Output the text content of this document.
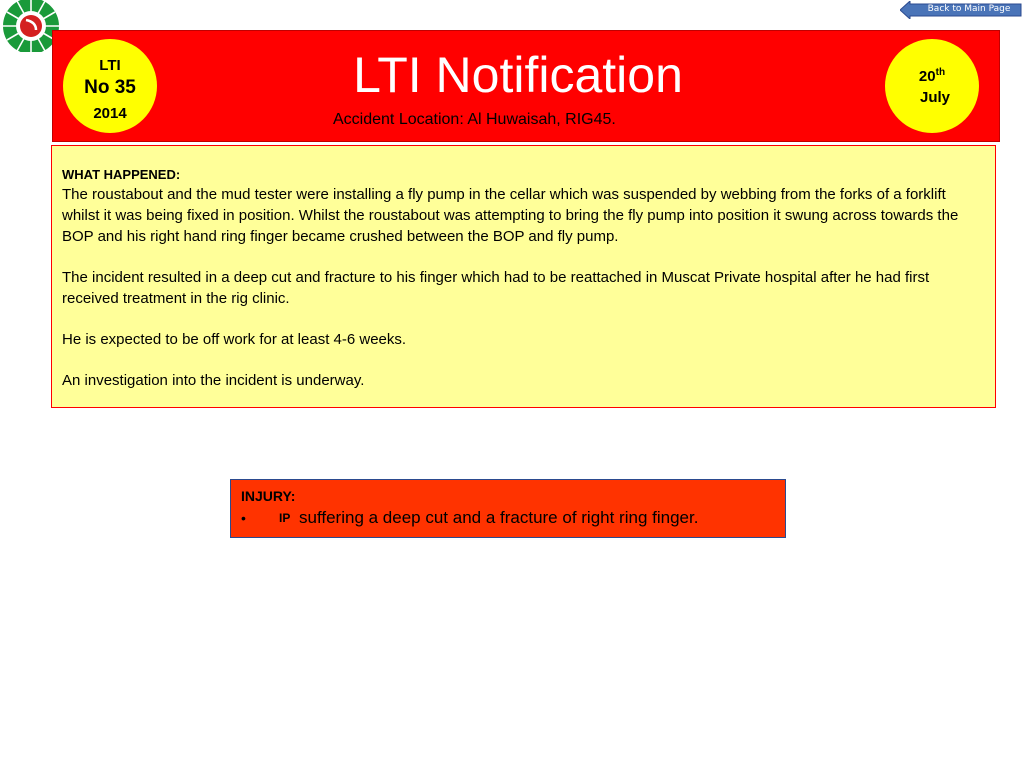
Back to Main Page
LTI
No 35
2014
LTI Notification
Accident Location: Al Huwaisah, RIG45.
20th
July
WHAT HAPPENED:

The roustabout and the mud tester were installing a fly pump in the cellar which was suspended by webbing from the forks of a forklift whilst it was being fixed in position. Whilst the roustabout was attempting to bring the fly pump into position it swung across towards the BOP and his right hand ring finger became crushed between the BOP and fly pump.

The incident resulted in a deep cut and fracture to his finger which had to be reattached in Muscat Private hospital after he had first received treatment in the rig clinic.

He is expected to be off work for at least 4-6 weeks.

An investigation into the incident is underway.

INJURY:
•	IP suffering a deep cut and a fracture of right ring finger.
